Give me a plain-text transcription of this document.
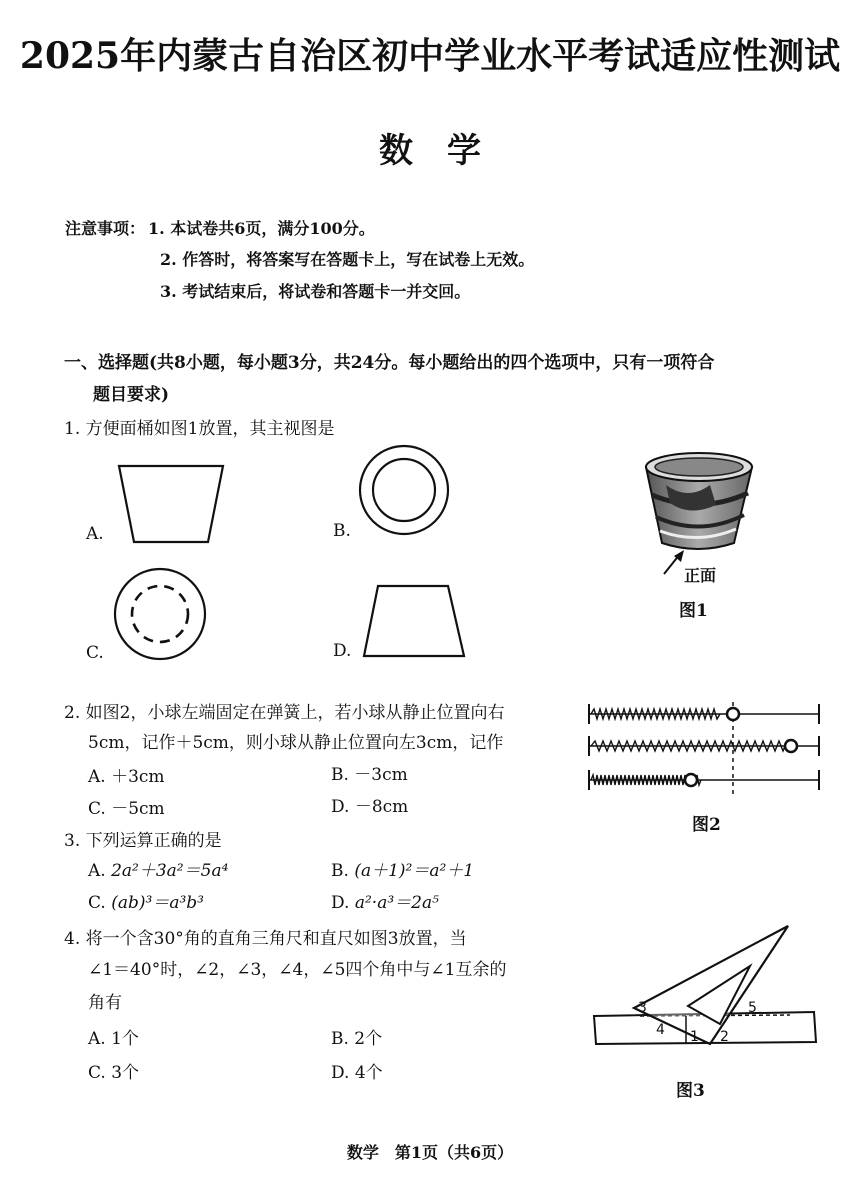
2025年内蒙古自治区初中学业水平考试适应性测试
数学
注意事项： 1. 本试卷共6页，满分100分。
2. 作答时，将答案写在答题卡上，写在试卷上无效。
3. 考试结束后，将试卷和答题卡一并交回。
一、选择题(共8小题，每小题3分，共24分。每小题给出的四个选项中，只有一项符合
题目要求)
1. 方便面桶如图1放置，其主视图是
A.	B.
C.	D.
正面
图1
2. 如图2，小球左端固定在弹簧上，若小球从静止位置向右
5cm，记作＋5cm，则小球从静止位置向左3cm，记作
A. ＋3cm	B. －3cm
C. －5cm	D. －8cm
图2
3. 下列运算正确的是
A. 2a²＋3a²＝5a⁴	B. (a＋1)²＝a²＋1
C. (ab)³＝a³b³	D. a²·a³＝2a⁵
4. 将一个含30°角的直角三角尺和直尺如图3放置，当
∠1＝40°时，∠2，∠3，∠4，∠5四个角中与∠1互余的
角有
A. 1个	B. 2个
C. 3个	D. 4个
3
4 1 2
5
图3
数学　第1页（共6页）
